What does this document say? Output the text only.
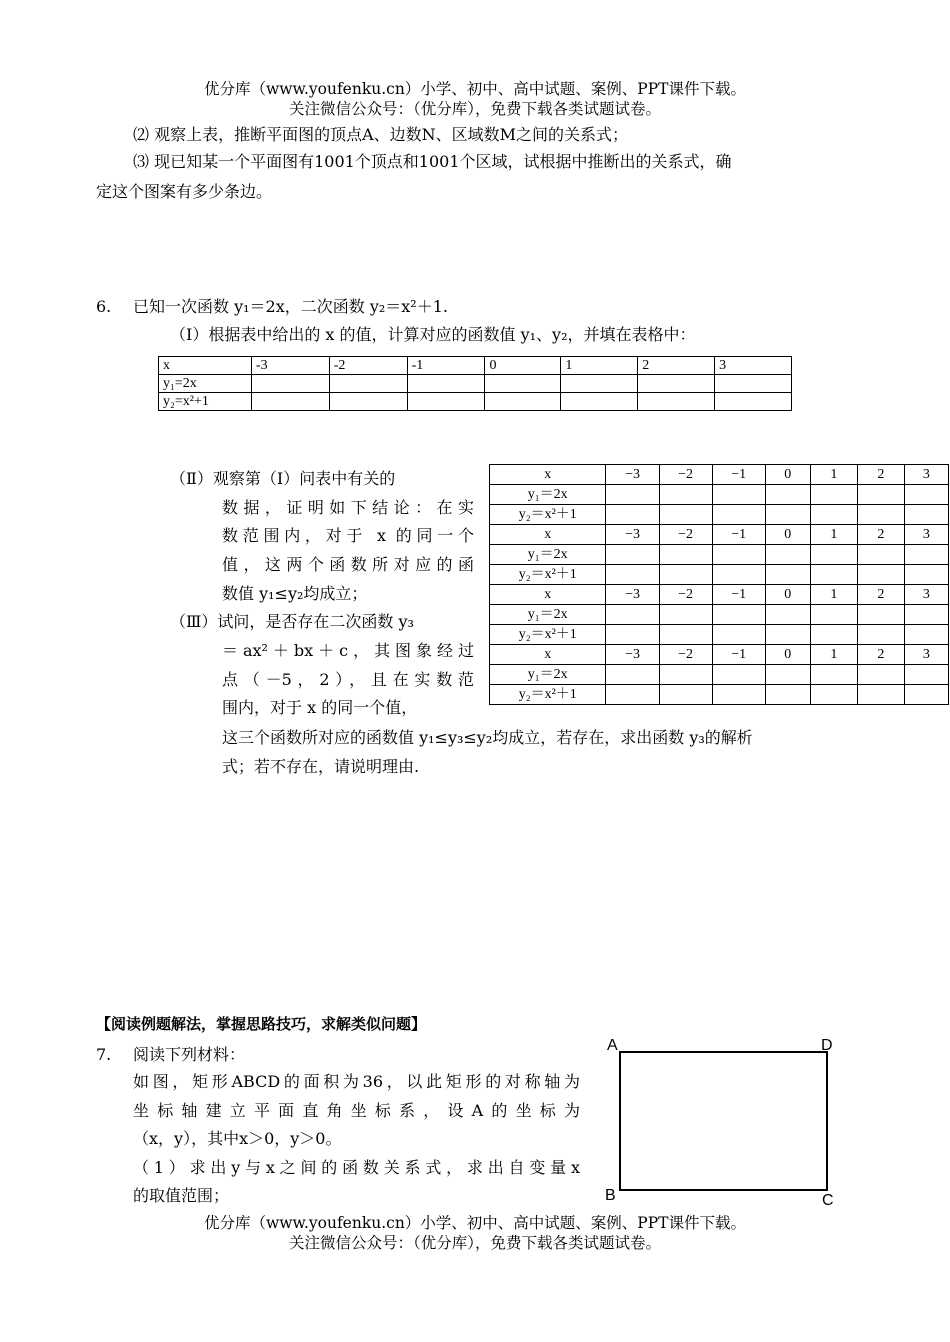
优分库（www.youfenku.cn）小学、初中、高中试题、案例、PPT课件下载。
关注微信公众号：（优分库），免费下载各类试题试卷。
⑵ 观察上表，推断平面图的顶点A、边数N、区域数M之间的关系式；
⑶ 现已知某一个平面图有1001个顶点和1001个区域，试根据中推断出的关系式，确
定这个图案有多少条边。
6. 已知一次函数 y₁＝2x，二次函数 y₂＝x²＋1.
（Ⅰ）根据表中给出的 x 的值，计算对应的函数值 y₁、y₂，并填在表格中：
x	-3	-2	-1	0	1	2	3
y₁=2x							
y₂=x²+1							
（Ⅱ）观察第（Ⅰ）问表中有关的
数据，证明如下结论：在实
数范围内，对于 x 的同一个
值，这两个函数所对应的函
数值 y₁≤y₂均成立；
（Ⅲ）试问，是否存在二次函数 y₃
＝ax²＋bx＋c，其图象经过
点（－5，2），且在实数范
围内，对于 x 的同一个值，
这三个函数所对应的函数值 y₁≤y₃≤y₂均成立，若存在，求出函数 y₃的解析
式；若不存在，请说明理由.
x	−3	−2	−1	0	1	2	3
y₁＝2x							
y₂＝x²＋1							
x	−3	−2	−1	0	1	2	3
y₁＝2x							
y₂＝x²＋1							
x	−3	−2	−1	0	1	2	3
y₁＝2x							
y₂＝x²＋1							
x	−3	−2	−1	0	1	2	3
y₁＝2x							
y₂＝x²＋1							
【阅读例题解法，掌握思路技巧，求解类似问题】
7. 阅读下列材料：
如图，矩形ABCD的面积为36，以此矩形的对称轴为
坐标轴建立平面直角坐标系，设A的坐标为
（x，y），其中x＞0，y＞0。
（1）求出y与x之间的函数关系式，求出自变量x
的取值范围；
A	D
B	C
优分库（www.youfenku.cn）小学、初中、高中试题、案例、PPT课件下载。
关注微信公众号：（优分库），免费下载各类试题试卷。
